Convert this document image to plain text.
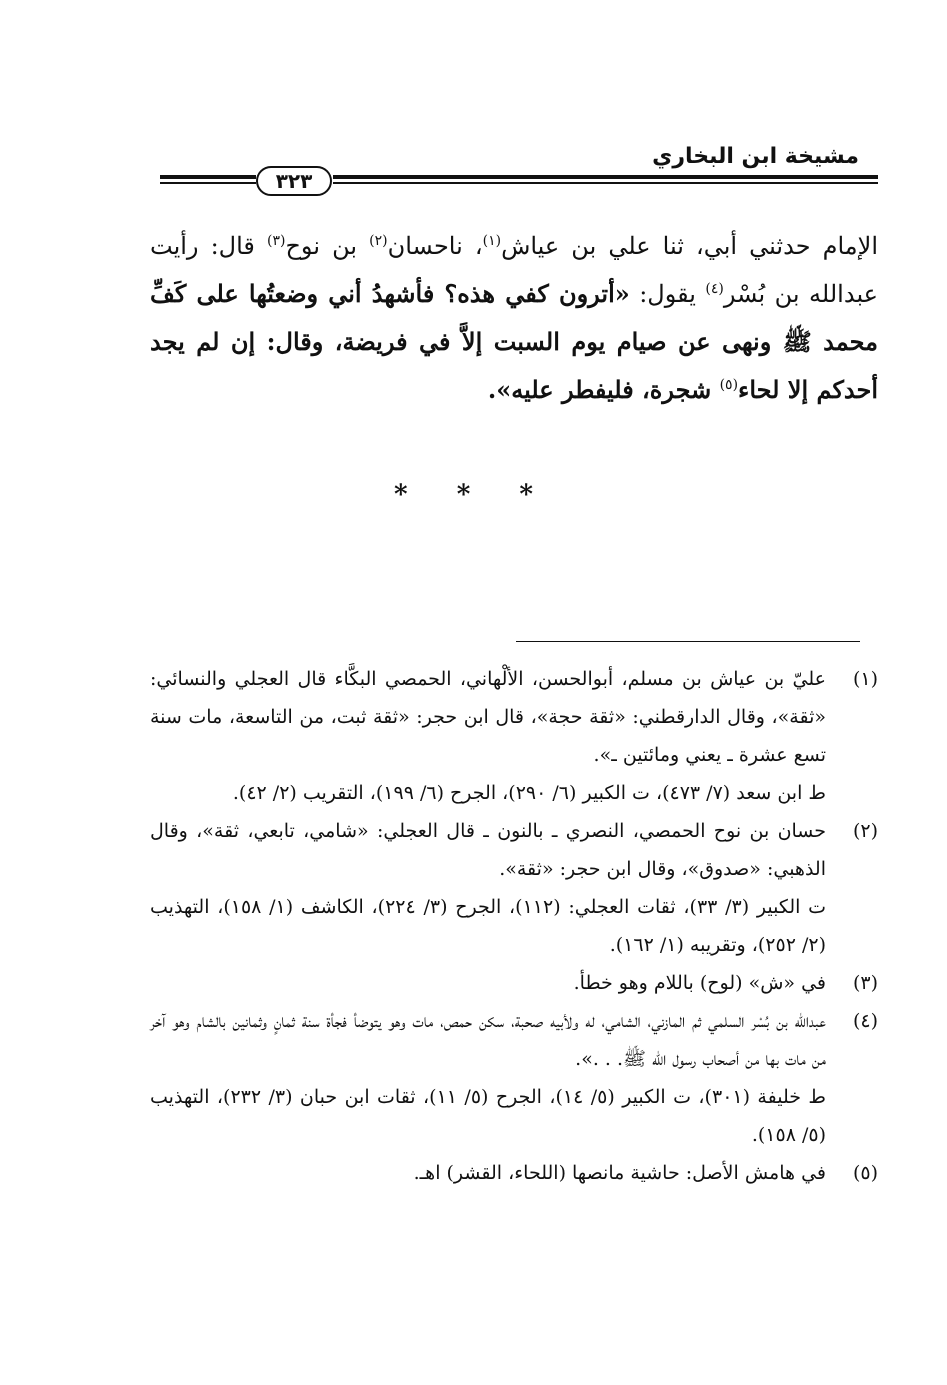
مشيخة ابن البخاري
٣٢٣
الإمام حدثني أبي، ثنا علي بن عياش$^{(١)}$، ناحسان$^{(٢)}$ بن نوح$^{(٣)}$ قال: رأيت عبدالله بن بُسْر$^{(٤)}$ يقول: «أترون كفي هذه؟ فأشهدُ أني وضعتُها على كَفِّ محمد ﷺ ونهى عن صيام يوم السبت إلاَّ في فريضة، وقال: إن لم يجد أحدكم إلا لحاء$^{(٥)}$ شجرة، فليفطر عليه».
* * *
(١)

عليّ بن عياش بن مسلم، أبوالحسن، الألْهاني، الحمصي البكَّاء قال العجلي والنسائي: «ثقة»، وقال الدارقطني: «ثقة حجة»، قال ابن حجر: «ثقة ثبت، من التاسعة، مات سنة تسع عشرة ـ يعني ومائتين ـ».

ط ابن سعد (٧/ ٤٧٣)، ت الكبير (٦/ ٢٩٠)، الجرح (٦/ ١٩٩)، التقريب (٢/ ٤٢).

(٢)

حسان بن نوح الحمصي، النصري ـ بالنون ـ قال العجلي: «شامي، تابعي، ثقة»، وقال الذهبي: «صدوق»، وقال ابن حجر: «ثقة».

ت الكبير (٣/ ٣٣)، ثقات العجلي: (١١٢)، الجرح (٣/ ٢٢٤)، الكاشف (١/ ١٥٨)، التهذيب (٢/ ٢٥٢)، وتقريبه (١/ ١٦٢).

(٣)

في «ش» (لوح) باللام وهو خطأ.

(٤)

عبدالله بن بُسْر السلمي ثم المازني، الشامي، له ولأبيه صحبة، سكن حمص، مات وهو يتوضأ فجأة سنة ثمانٍ وثمانين بالشام وهو آخر من مات بها من أصحاب رسول الله ﷺ. . .».

ط خليفة (٣٠١)، ت الكبير (٥/ ١٤)، الجرح (٥/ ١١)، ثقات ابن حبان (٣/ ٢٣٢)، التهذيب (٥/ ١٥٨).

(٥)

في هامش الأصل: حاشية مانصها (اللحاء، القشر) اهـ.
